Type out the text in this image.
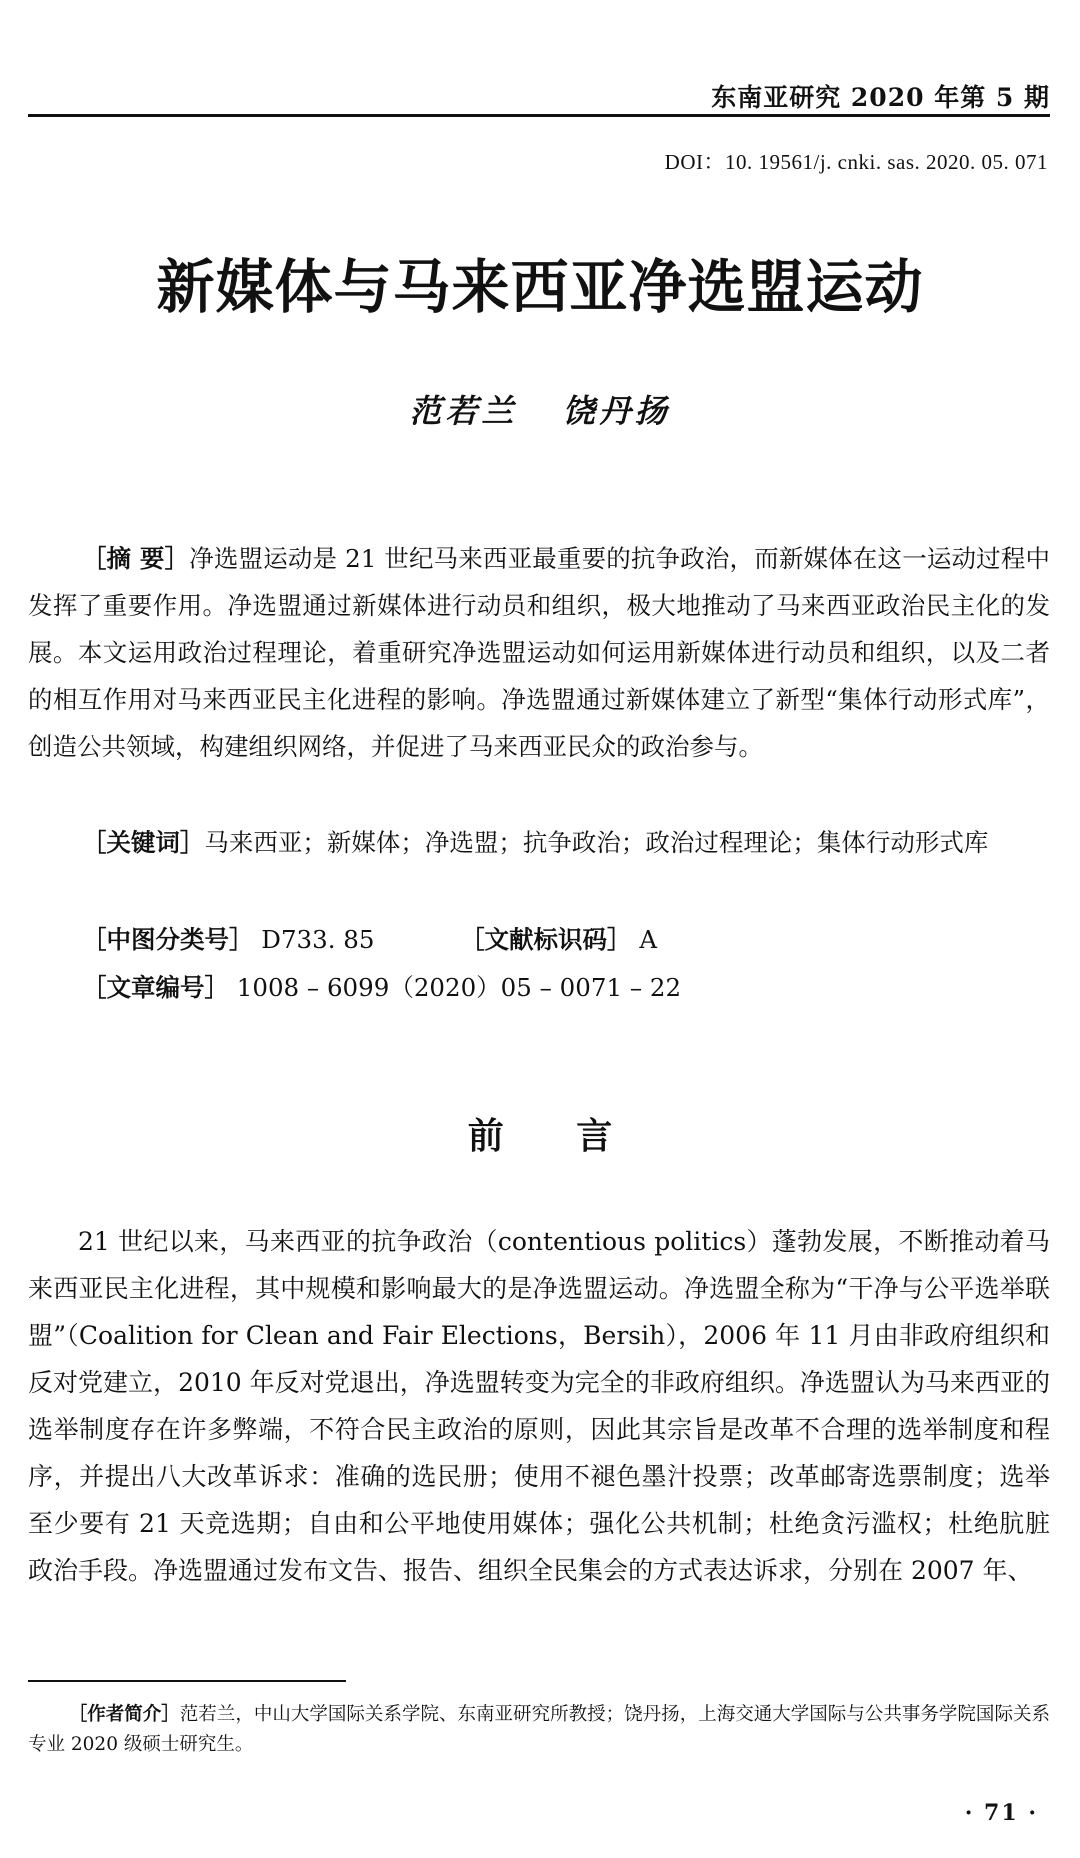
东南亚研究 2020 年第 5 期
DOI：10. 19561/j. cnki. sas. 2020. 05. 071
新媒体与马来西亚净选盟运动
范若兰 饶丹扬

［摘 要］净选盟运动是 21 世纪马来西亚最重要的抗争政治，而新媒体在这一运动过程中发挥了重要作用。净选盟通过新媒体进行动员和组织，极大地推动了马来西亚政治民主化的发展。本文运用政治过程理论，着重研究净选盟运动如何运用新媒体进行动员和组织，以及二者的相互作用对马来西亚民主化进程的影响。净选盟通过新媒体建立了新型“集体行动形式库”，创造公共领域，构建组织网络，并促进了马来西亚民众的政治参与。

［关键词］马来西亚；新媒体；净选盟；抗争政治；政治过程理论；集体行动形式库

［中图分类号］ D733. 85	［文献标识码］ A
［文章编号］ 1008 – 6099（2020）05 – 0071 – 22
前 言

21 世纪以来，马来西亚的抗争政治（contentious politics）蓬勃发展，不断推动着马来西亚民主化进程，其中规模和影响最大的是净选盟运动。净选盟全称为“干净与公平选举联盟”（Coalition for Clean and Fair Elections，Bersih），2006 年 11 月由非政府组织和反对党建立，2010 年反对党退出，净选盟转变为完全的非政府组织。净选盟认为马来西亚的选举制度存在许多弊端，不符合民主政治的原则，因此其宗旨是改革不合理的选举制度和程序，并提出八大改革诉求：准确的选民册；使用不褪色墨汁投票；改革邮寄选票制度；选举至少要有 21 天竞选期；自由和公平地使用媒体；强化公共机制；杜绝贪污滥权；杜绝肮脏政治手段。净选盟通过发布文告、报告、组织全民集会的方式表达诉求，分别在 2007 年、

［作者简介］范若兰，中山大学国际关系学院、东南亚研究所教授；饶丹扬，上海交通大学国际与公共事务学院国际关系专业 2020 级硕士研究生。

· 71 ·
